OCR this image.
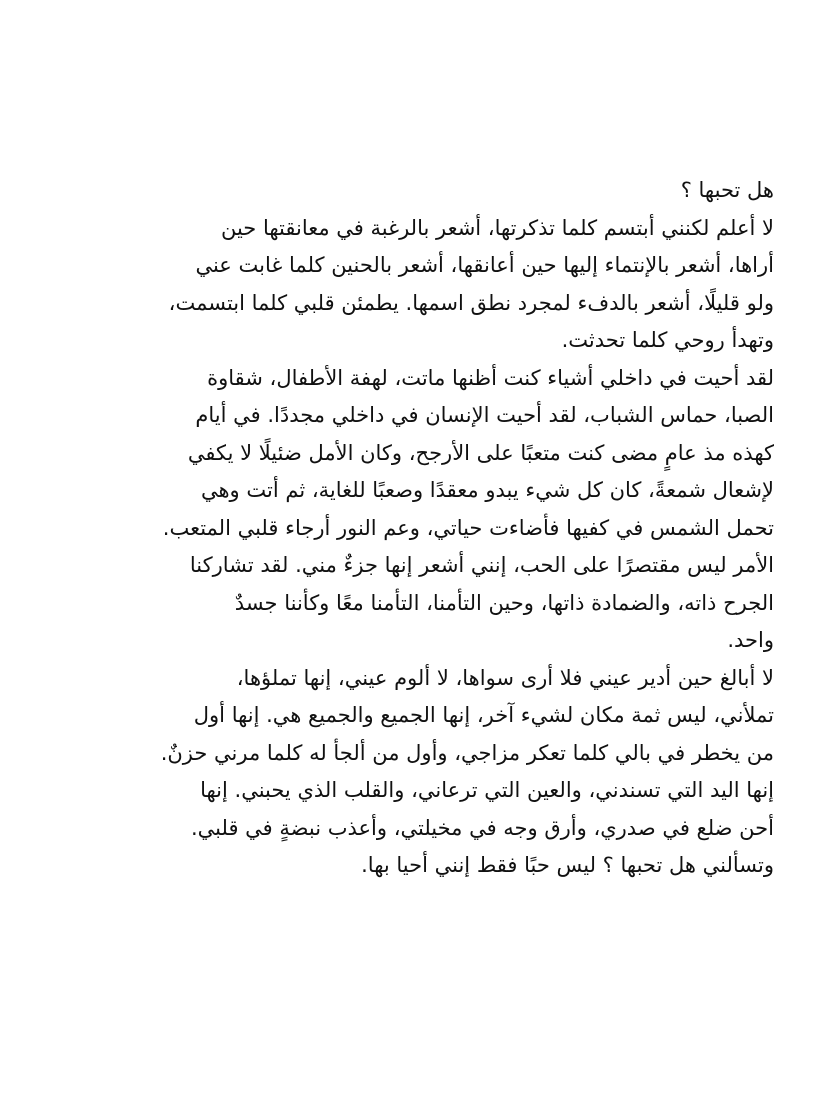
هل تحبها ؟
لا أعلم لكنني أبتسم كلما تذكرتها، أشعر بالرغبة في معانقتها حين
أراها، أشعر بالإنتماء إليها حين أعانقها، أشعر بالحنين كلما غابت عني
ولو قليلًا، أشعر بالدفء لمجرد نطق اسمها. يطمئن قلبي كلما ابتسمت،
وتهدأ روحي كلما تحدثت.
لقد أحيت في داخلي أشياء كنت أظنها ماتت، لهفة الأطفال، شقاوة
الصبا، حماس الشباب، لقد أحيت الإنسان في داخلي مجددًا. في أيام
كهذه مذ عامٍ مضى كنت متعبًا على الأرجح، وكان الأمل ضئيلًا لا يكفي
لإشعال شمعةً، كان كل شيء يبدو معقدًا وصعبًا للغاية، ثم أتت وهي
تحمل الشمس في كفيها فأضاءت حياتي، وعم النور أرجاء قلبي المتعب.
الأمر ليس مقتصرًا على الحب، إنني أشعر إنها جزءٌ مني. لقد تشاركنا
الجرح ذاته، والضمادة ذاتها، وحين التأمنا، التأمنا معًا وكأننا جسدٌ
واحد.
لا أبالغ حين أدير عيني فلا أرى سواها، لا ألوم عيني، إنها تملؤها،
تملأني، ليس ثمة مكان لشيء آخر، إنها الجميع والجميع هي. إنها أول
من يخطر في بالي كلما تعكر مزاجي، وأول من ألجأ له كلما مرني حزنٌ.
إنها اليد التي تسندني، والعين التي ترعاني، والقلب الذي يحبني. إنها
أحن ضلع في صدري، وأرق وجه في مخيلتي، وأعذب نبضةٍ في قلبي.
وتسألني هل تحبها ؟ ليس حبًا فقط إنني أحيا بها.
